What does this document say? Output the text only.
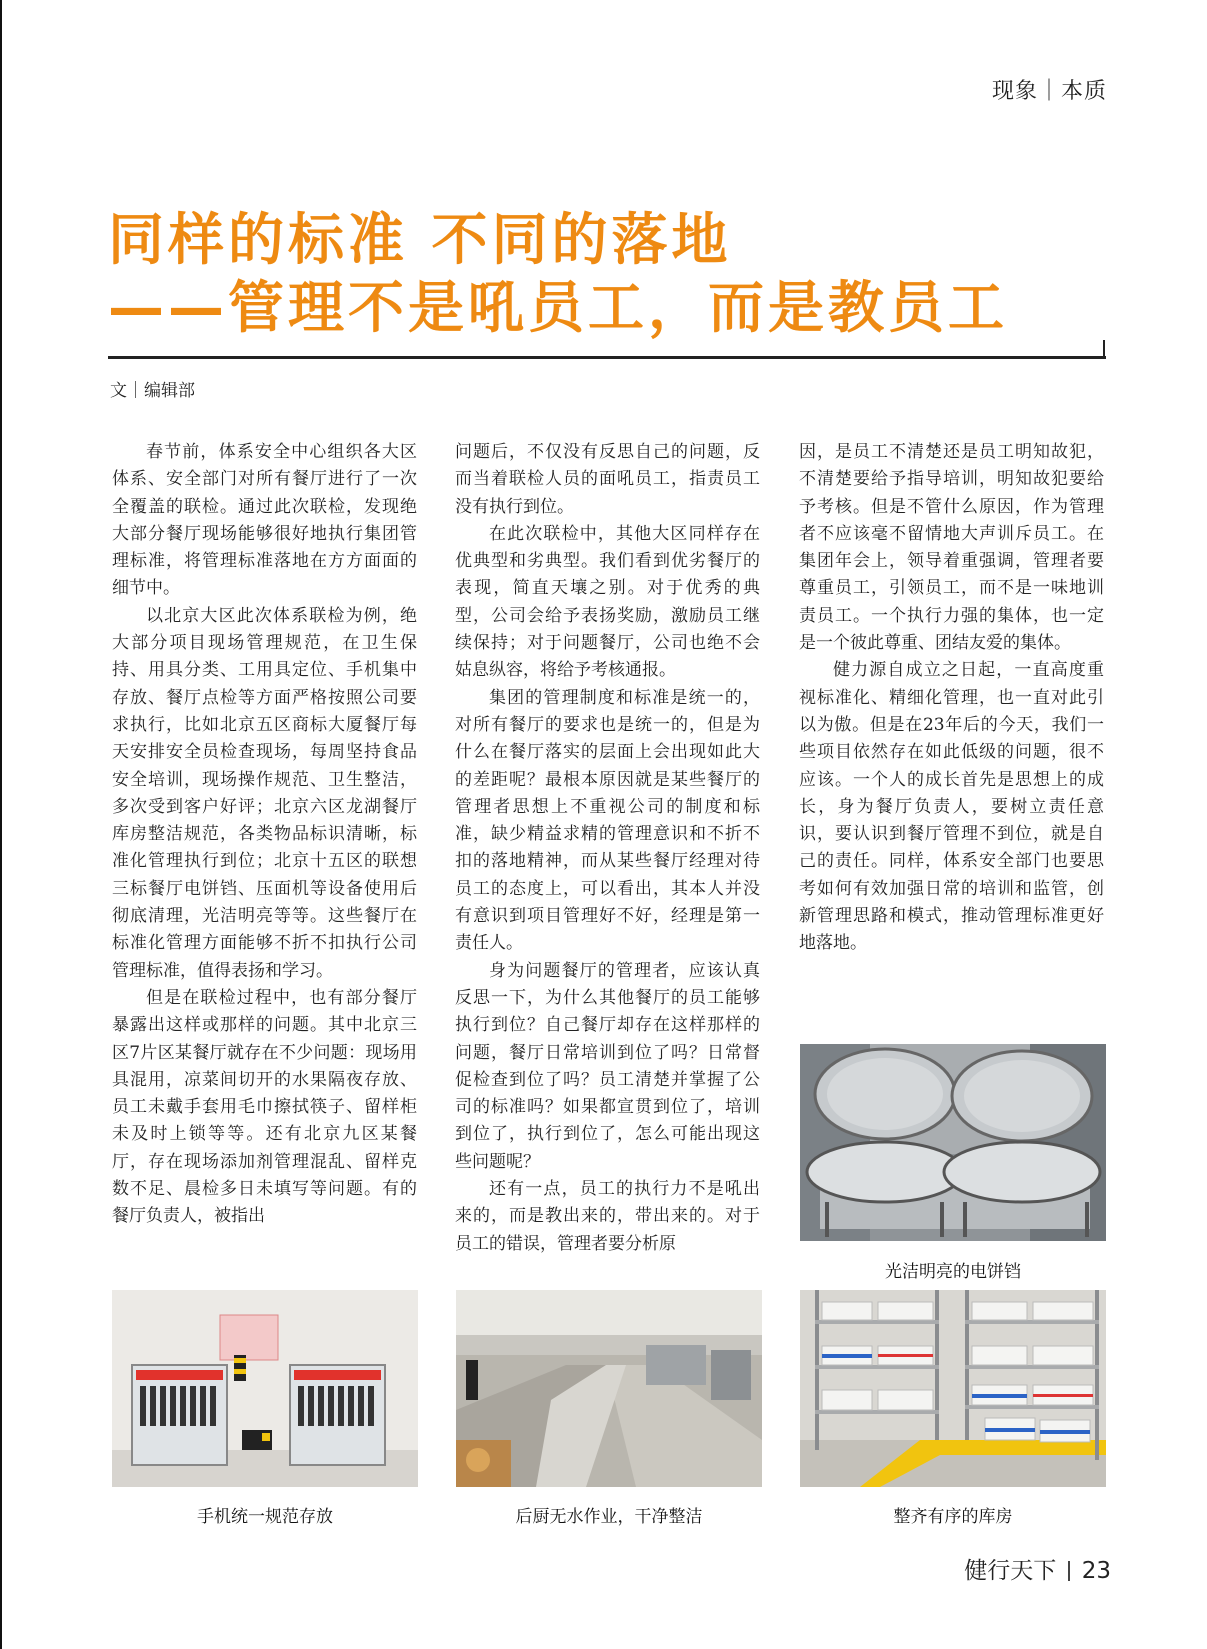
现象｜本质
同样的标准 不同的落地
——管理不是吼员工，而是教员工
文｜编辑部

春节前，体系安全中心组织各大区体系、安全部门对所有餐厅进行了一次全覆盖的联检。通过此次联检，发现绝大部分餐厅现场能够很好地执行集团管理标准，将管理标准落地在方方面面的细节中。

以北京大区此次体系联检为例，绝大部分项目现场管理规范，在卫生保持、用具分类、工用具定位、手机集中存放、餐厅点检等方面严格按照公司要求执行，比如北京五区商标大厦餐厅每天安排安全员检查现场，每周坚持食品安全培训，现场操作规范、卫生整洁，多次受到客户好评；北京六区龙湖餐厅库房整洁规范，各类物品标识清晰，标准化管理执行到位；北京十五区的联想三标餐厅电饼铛、压面机等设备使用后彻底清理，光洁明亮等等。这些餐厅在标准化管理方面能够不折不扣执行公司管理标准，值得表扬和学习。

但是在联检过程中，也有部分餐厅暴露出这样或那样的问题。其中北京三区7片区某餐厅就存在不少问题：现场用具混用，凉菜间切开的水果隔夜存放、员工未戴手套用毛巾擦拭筷子、留样柜未及时上锁等等。还有北京九区某餐厅，存在现场添加剂管理混乱、留样克数不足、晨检多日未填写等问题。有的餐厅负责人，被指出

问题后，不仅没有反思自己的问题，反而当着联检人员的面吼员工，指责员工没有执行到位。

在此次联检中，其他大区同样存在优典型和劣典型。我们看到优劣餐厅的表现，简直天壤之别。对于优秀的典型，公司会给予表扬奖励，激励员工继续保持；对于问题餐厅，公司也绝不会姑息纵容，将给予考核通报。

集团的管理制度和标准是统一的，对所有餐厅的要求也是统一的，但是为什么在餐厅落实的层面上会出现如此大的差距呢？最根本原因就是某些餐厅的管理者思想上不重视公司的制度和标准，缺少精益求精的管理意识和不折不扣的落地精神，而从某些餐厅经理对待员工的态度上，可以看出，其本人并没有意识到项目管理好不好，经理是第一责任人。

身为问题餐厅的管理者，应该认真反思一下，为什么其他餐厅的员工能够执行到位？自己餐厅却存在这样那样的问题，餐厅日常培训到位了吗？日常督促检查到位了吗？员工清楚并掌握了公司的标准吗？如果都宣贯到位了，培训到位了，执行到位了，怎么可能出现这些问题呢？

还有一点，员工的执行力不是吼出来的，而是教出来的，带出来的。对于员工的错误，管理者要分析原

因，是员工不清楚还是员工明知故犯，不清楚要给予指导培训，明知故犯要给予考核。但是不管什么原因，作为管理者不应该毫不留情地大声训斥员工。在集团年会上，领导着重强调，管理者要尊重员工，引领员工，而不是一味地训责员工。一个执行力强的集体，也一定是一个彼此尊重、团结友爱的集体。

健力源自成立之日起，一直高度重视标准化、精细化管理，也一直对此引以为傲。但是在23年后的今天，我们一些项目依然存在如此低级的问题，很不应该。一个人的成长首先是思想上的成长，身为餐厅负责人，要树立责任意识，要认识到餐厅管理不到位，就是自己的责任。同样，体系安全部门也要思考如何有效加强日常的培训和监管，创新管理思路和模式，推动管理标准更好地落地。

光洁明亮的电饼铛
手机统一规范存放	后厨无水作业，干净整洁	整齐有序的库房
健行天下 23
